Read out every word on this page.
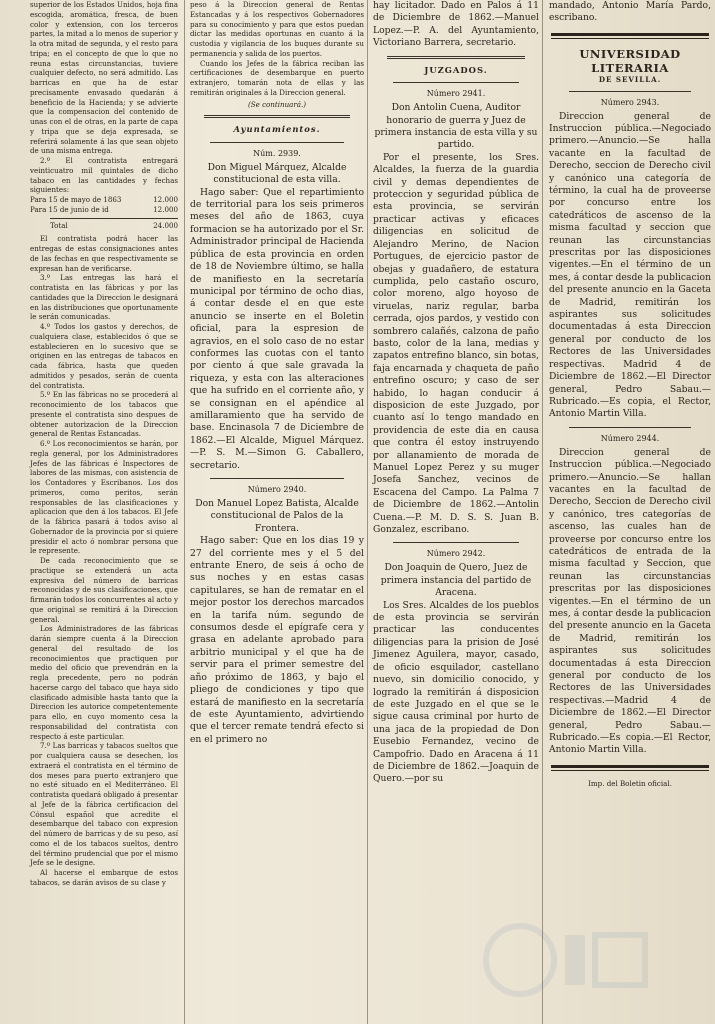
superior de los Estados Unidos, hoja fina escogida, aromática, fresca, de buen color y extension, con los terceros partes, la mitad a lo menos de superior y la otra mitad de segunda, y el resto para tripa; en el concepto de que lo que no reuna estas circunstancias, tuviere cualquier defecto, no será admitido. Las barricas en que ha de estar precisamente envasado quedarán á beneficio de la Hacienda; y se advierte que la compensacion del contenido de unas con el de otras, en la parte de capa y tripa que se deja expresada, se referirá solamente á las que sean objeto de una misma entrega.

2.º El contratista entregará veinticuatro mil quintales de dicho tabaco en las cantidades y fechas siguientes:

Para 15 de mayo de 1863	12.000
Para 15 de junio de id	12.000
Total	24.000

El contratista podrá hacer las entregas de estas consignaciones antes de las fechas en que respectivamente se expresan han de verificarse.

3.º Las entregas las hará el contratista en las fábricas y por las cantidades que la Direccion le designará en las distribuciones que oportunamente le serán comunicadas.

4.º Todos los gastos y derechos, de cualquiera clase, establecidos ó que se establecieren en lo sucesivo que se originen en las entregas de tabacos en cada fábrica, hasta que queden admitidos y pesados, serán de cuenta del contratista.

5.º En las fábricas no se procederá al reconocimiento de los tabacos que presente el contratista sino despues de obtener autorizacion de la Direccion general de Rentas Estancadas.

6.º Los reconocimientos se harán, por regla general, por los Administradores Jefes de las fábricas é Inspectores de labores de las mismas, con asistencia de los Contadores y Escribanos. Los dos primeros, como peritos, serán responsables de las clasificaciones y aplicacion que den á los tabacos. El Jefe de la fábrica pasará á todos aviso al Gobernador de la provincia por si quiere presidir el acto ó nombrar persona que le represente.

De cada reconocimiento que se practique se extenderá un acta expresiva del número de barricas reconocidas y de sus clasificaciones, que firmarán todos los concurrentes al acto y que original se remitirá á la Direccion general.

Los Administradores de las fábricas darán siempre cuenta á la Direccion general del resultado de los reconocimientos que practiquen por medio del oficio que prevendrán en la regla precedente, pero no podrán hacerse cargo del tabaco que haya sido clasificado admisible hasta tanto que la Direccion les autorice competentemente para ello, en cuyo momento cesa la responsabilidad del contratista con respecto á este particular.

7.º Las barricas y tabacos sueltos que por cualquiera causa se desechen, los extraerá el contratista en el término de dos meses para puerto extranjero que no esté situado en el Mediterráneo. El contratista quedará obligado á presentar al Jefe de la fábrica certificacion del Cónsul español que acredite el desembarque del tabaco con expresion del número de barricas y de su peso, así como el de los tabacos sueltos, dentro del término prudencial que por el mismo Jefe se le designe.

Al hacerse el embarque de estos tabacos, se darán avisos de su clase y

peso á la Direccion general de Rentas Estancadas y á los respectivos Gobernadores para su conocimiento y para que estos puedan dictar las medidas oportunas en cuanto á la custodia y vigilancia de los buques durante su permanencia y salida de los puertos.

Cuando los Jefes de la fábrica reciban las certificaciones de desembarque en puerto extranjero, tomarán nota de ellas y las remitirán originales á la Direccion general.

(Se continuará.)

Ayuntamientos.

Núm. 2939.

Don Miguel Márquez, Alcalde constitucional de esta villa.

Hago saber: Que el repartimiento de territorial para los seis primeros meses del año de 1863, cuya formacion se ha autorizado por el Sr. Administrador principal de Hacienda pública de esta provincia en orden de 18 de Noviembre último, se halla de manifiesto en la secretaría municipal por término de ocho dias, á contar desde el en que este anuncio se inserte en el Boletin oficial, para la espresion de agravios, en el solo caso de no estar conformes las cuotas con el tanto por ciento á que sale gravada la riqueza, y esta con las alteraciones que ha sufrido en el corriente año, y se consignan en el apéndice al amillaramiento que ha servido de base. Encinasola 7 de Diciembre de 1862.—El Alcalde, Miguel Márquez.—P. S. M.—Simon G. Caballero, secretario.

Número 2940.

Don Manuel Lopez Batista, Alcalde constitucional de Palos de la Frontera.

Hago saber: Que en los dias 19 y 27 del corriente mes y el 5 del entrante Enero, de seis á ocho de sus noches y en estas casas capitulares, se han de rematar en el mejor postor los derechos marcados en la tarifa núm. segundo de consumos desde el epígrafe cera y grasa en adelante aprobado para arbitrio municipal y el que ha de servir para el primer semestre del año próximo de 1863, y bajo el pliego de condiciones y tipo que estará de manifiesto en la secretaría de este Ayuntamiento, advirtiendo que el tercer remate tendrá efecto si en el primero no

hay licitador. Dado en Palos á 11 de Diciembre de 1862.—Manuel Lopez.—P. A. del Ayuntamiento, Victoriano Barrera, secretario.

JUZGADOS.

Número 2941.

Don Antolin Cuena, Auditor honorario de guerra y Juez de primera instancia de esta villa y su partido.

Por el presente, los Sres. Alcaldes, la fuerza de la guardia civil y demas dependientes de proteccion y seguridad pública de esta provincia, se servirán practicar activas y eficaces diligencias en solicitud de Alejandro Merino, de Nacion Portugues, de ejercicio pastor de obejas y guadañero, de estatura cumplida, pelo castaño oscuro, color moreno, algo hoyoso de viruelas, nariz regular, barba cerrada, ojos pardos, y vestido con sombrero calañés, calzona de paño basto, color de la lana, medias y zapatos entrefino blanco, sin botas, faja encarnada y chaqueta de paño entrefino oscuro; y caso de ser habido, lo hagan conducir á disposicion de este Juzgado, por cuanto así lo tengo mandado en providencia de este dia en causa que contra él estoy instruyendo por allanamiento de morada de Manuel Lopez Perez y su muger Josefa Sanchez, vecinos de Escacena del Campo. La Palma 7 de Diciembre de 1862.—Antolin Cuena.—P. M. D. S. S. Juan B. Gonzalez, escribano.

Número 2942.

Don Joaquin de Quero, Juez de primera instancia del partido de Aracena.

Los Sres. Alcaldes de los pueblos de esta provincia se servirán practicar las conducentes diligencias para la prision de José Jimenez Aguilera, mayor, casado, de oficio esquilador, castellano nuevo, sin domicilio conocido, y logrado la remitirán á disposicion de este Juzgado en el que se le sigue causa criminal por hurto de una jaca de la propiedad de Don Eusebio Fernandez, vecino de Campofrio. Dado en Aracena á 11 de Diciembre de 1862.—Joaquin de Quero.—por su

mandado, Antonio María Pardo, escribano.

UNIVERSIDAD LITERARIA

DE SEVILLA.

Número 2943.

Direccion general de Instruccion pública.—Negociado primero.—Anuncio.—Se halla vacante en la facultad de Derecho, seccion de Derecho civil y canónico una categoría de término, la cual ha de proveerse por concurso entre los catedráticos de ascenso de la misma facultad y seccion que reunan las circunstancias prescritas por las disposiciones vigentes.—En el término de un mes, á contar desde la publicacion del presente anuncio en la Gaceta de Madrid, remitirán los aspirantes sus solicitudes documentadas á esta Direccion general por conducto de los Rectores de las Universidades respectivas. Madrid 4 de Diciembre de 1862.—El Director general, Pedro Sabau.—Rubricado.—Es copia, el Rector, Antonio Martin Villa.

Número 2944.

Direccion general de Instruccion pública.—Negociado primero.—Anuncio.—Se hallan vacantes en la facultad de Derecho, Seccion de Derecho civil y canónico, tres categorías de ascenso, las cuales han de proveerse por concurso entre los catedráticos de entrada de la misma facultad y Seccion, que reunan las circunstancias prescritas por las disposiciones vigentes.—En el término de un mes, á contar desde la publicacion del presente anuncio en la Gaceta de Madrid, remitirán los aspirantes sus solicitudes documentadas á esta Direccion general por conducto de los Rectores de las Universidades respectivas.—Madrid 4 de Diciembre de 1862.—El Director general, Pedro Sabau.—Rubricado.—Es copia.—El Rector, Antonio Martin Villa.

Imp. del Boletin oficial.
